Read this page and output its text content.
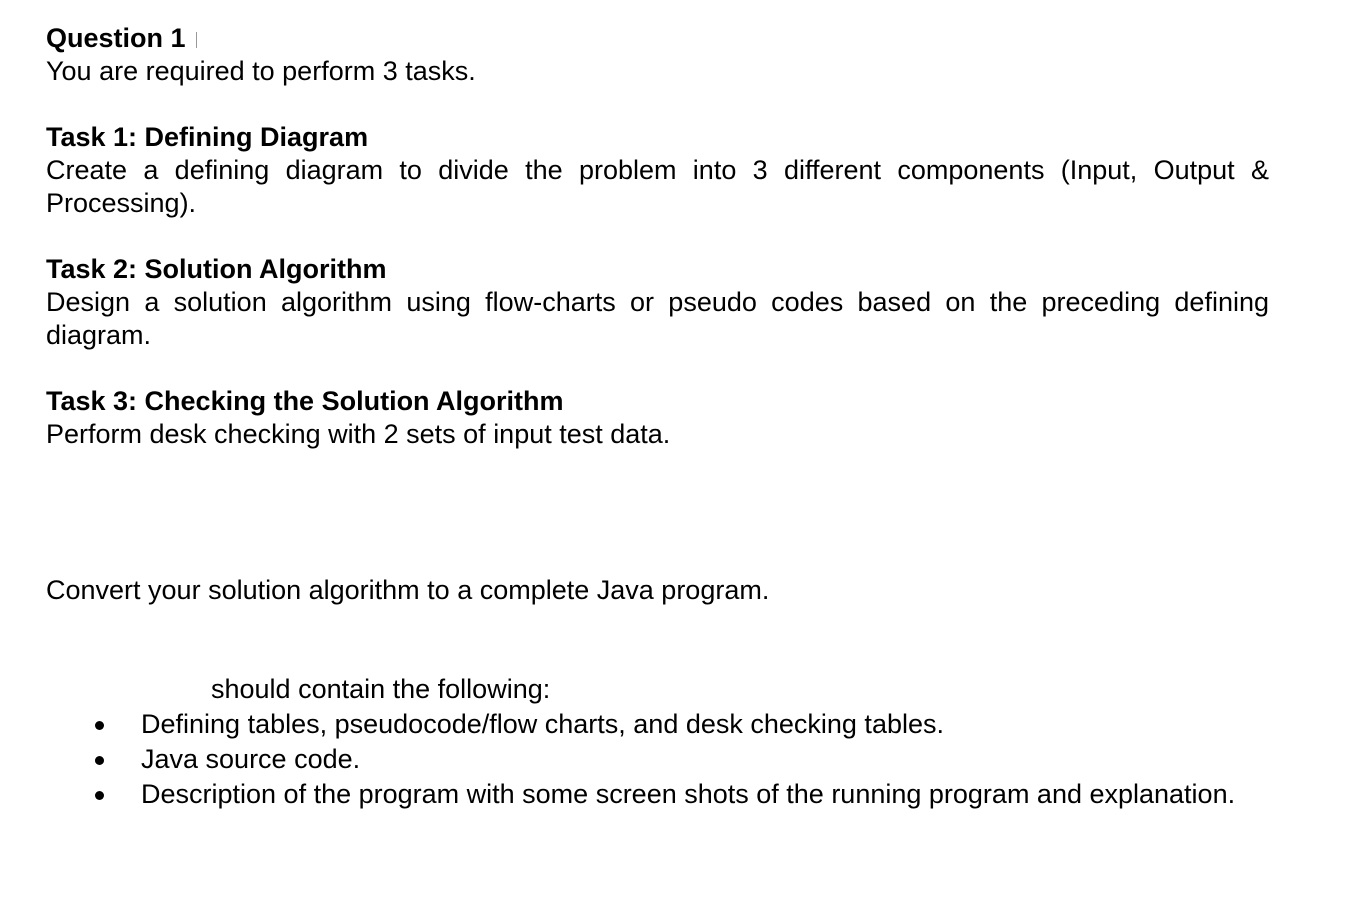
Question 1
You are required to perform 3 tasks.
Task 1: Defining Diagram
Create a defining diagram to divide the problem into 3 different components (Input, Output & Processing).
Task 2: Solution Algorithm
Design a solution algorithm using flow-charts or pseudo codes based on the preceding defining diagram.
Task 3: Checking the Solution Algorithm
Perform desk checking with 2 sets of input test data.
Convert your solution algorithm to a complete Java program.
should contain the following:
Defining tables, pseudocode/flow charts, and desk checking tables.
Java source code.
Description of the program with some screen shots of the running program and explanation.
